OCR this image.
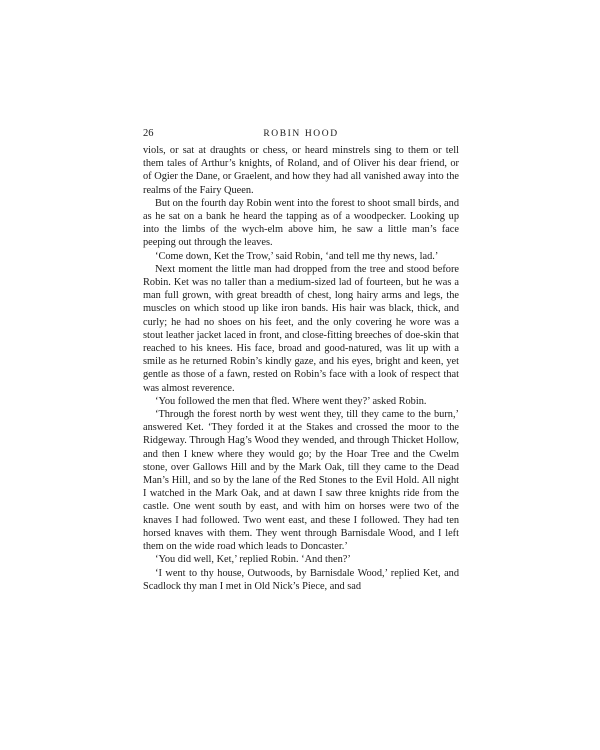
26	ROBIN HOOD

viols, or sat at draughts or chess, or heard minstrels sing to them or tell them tales of Arthur’s knights, of Roland, and of Oliver his dear friend, or of Ogier the Dane, or Graelent, and how they had all vanished away into the realms of the Fairy Queen.

But on the fourth day Robin went into the forest to shoot small birds, and as he sat on a bank he heard the tapping as of a woodpecker. Looking up into the limbs of the wych-elm above him, he saw a little man’s face peeping out through the leaves.

‘Come down, Ket the Trow,’ said Robin, ‘and tell me thy news, lad.’

Next moment the little man had dropped from the tree and stood before Robin. Ket was no taller than a medium-sized lad of fourteen, but he was a man full grown, with great breadth of chest, long hairy arms and legs, the muscles on which stood up like iron bands. His hair was black, thick, and curly; he had no shoes on his feet, and the only covering he wore was a stout leather jacket laced in front, and close-fitting breeches of doe-skin that reached to his knees. His face, broad and good-natured, was lit up with a smile as he returned Robin’s kindly gaze, and his eyes, bright and keen, yet gentle as those of a fawn, rested on Robin’s face with a look of respect that was almost reverence.

‘You followed the men that fled. Where went they?’ asked Robin.

‘Through the forest north by west went they, till they came to the burn,’ answered Ket. ‘They forded it at the Stakes and crossed the moor to the Ridgeway. Through Hag’s Wood they wended, and through Thicket Hollow, and then I knew where they would go; by the Hoar Tree and the Cwelm stone, over Gallows Hill and by the Mark Oak, till they came to the Dead Man’s Hill, and so by the lane of the Red Stones to the Evil Hold. All night I watched in the Mark Oak, and at dawn I saw three knights ride from the castle. One went south by east, and with him on horses were two of the knaves I had followed. Two went east, and these I followed. They had ten horsed knaves with them. They went through Barnisdale Wood, and I left them on the wide road which leads to Doncaster.’

‘You did well, Ket,’ replied Robin. ‘And then?’

‘I went to thy house, Outwoods, by Barnisdale Wood,’ replied Ket, and Scadlock thy man I met in Old Nick’s Piece, and sad
